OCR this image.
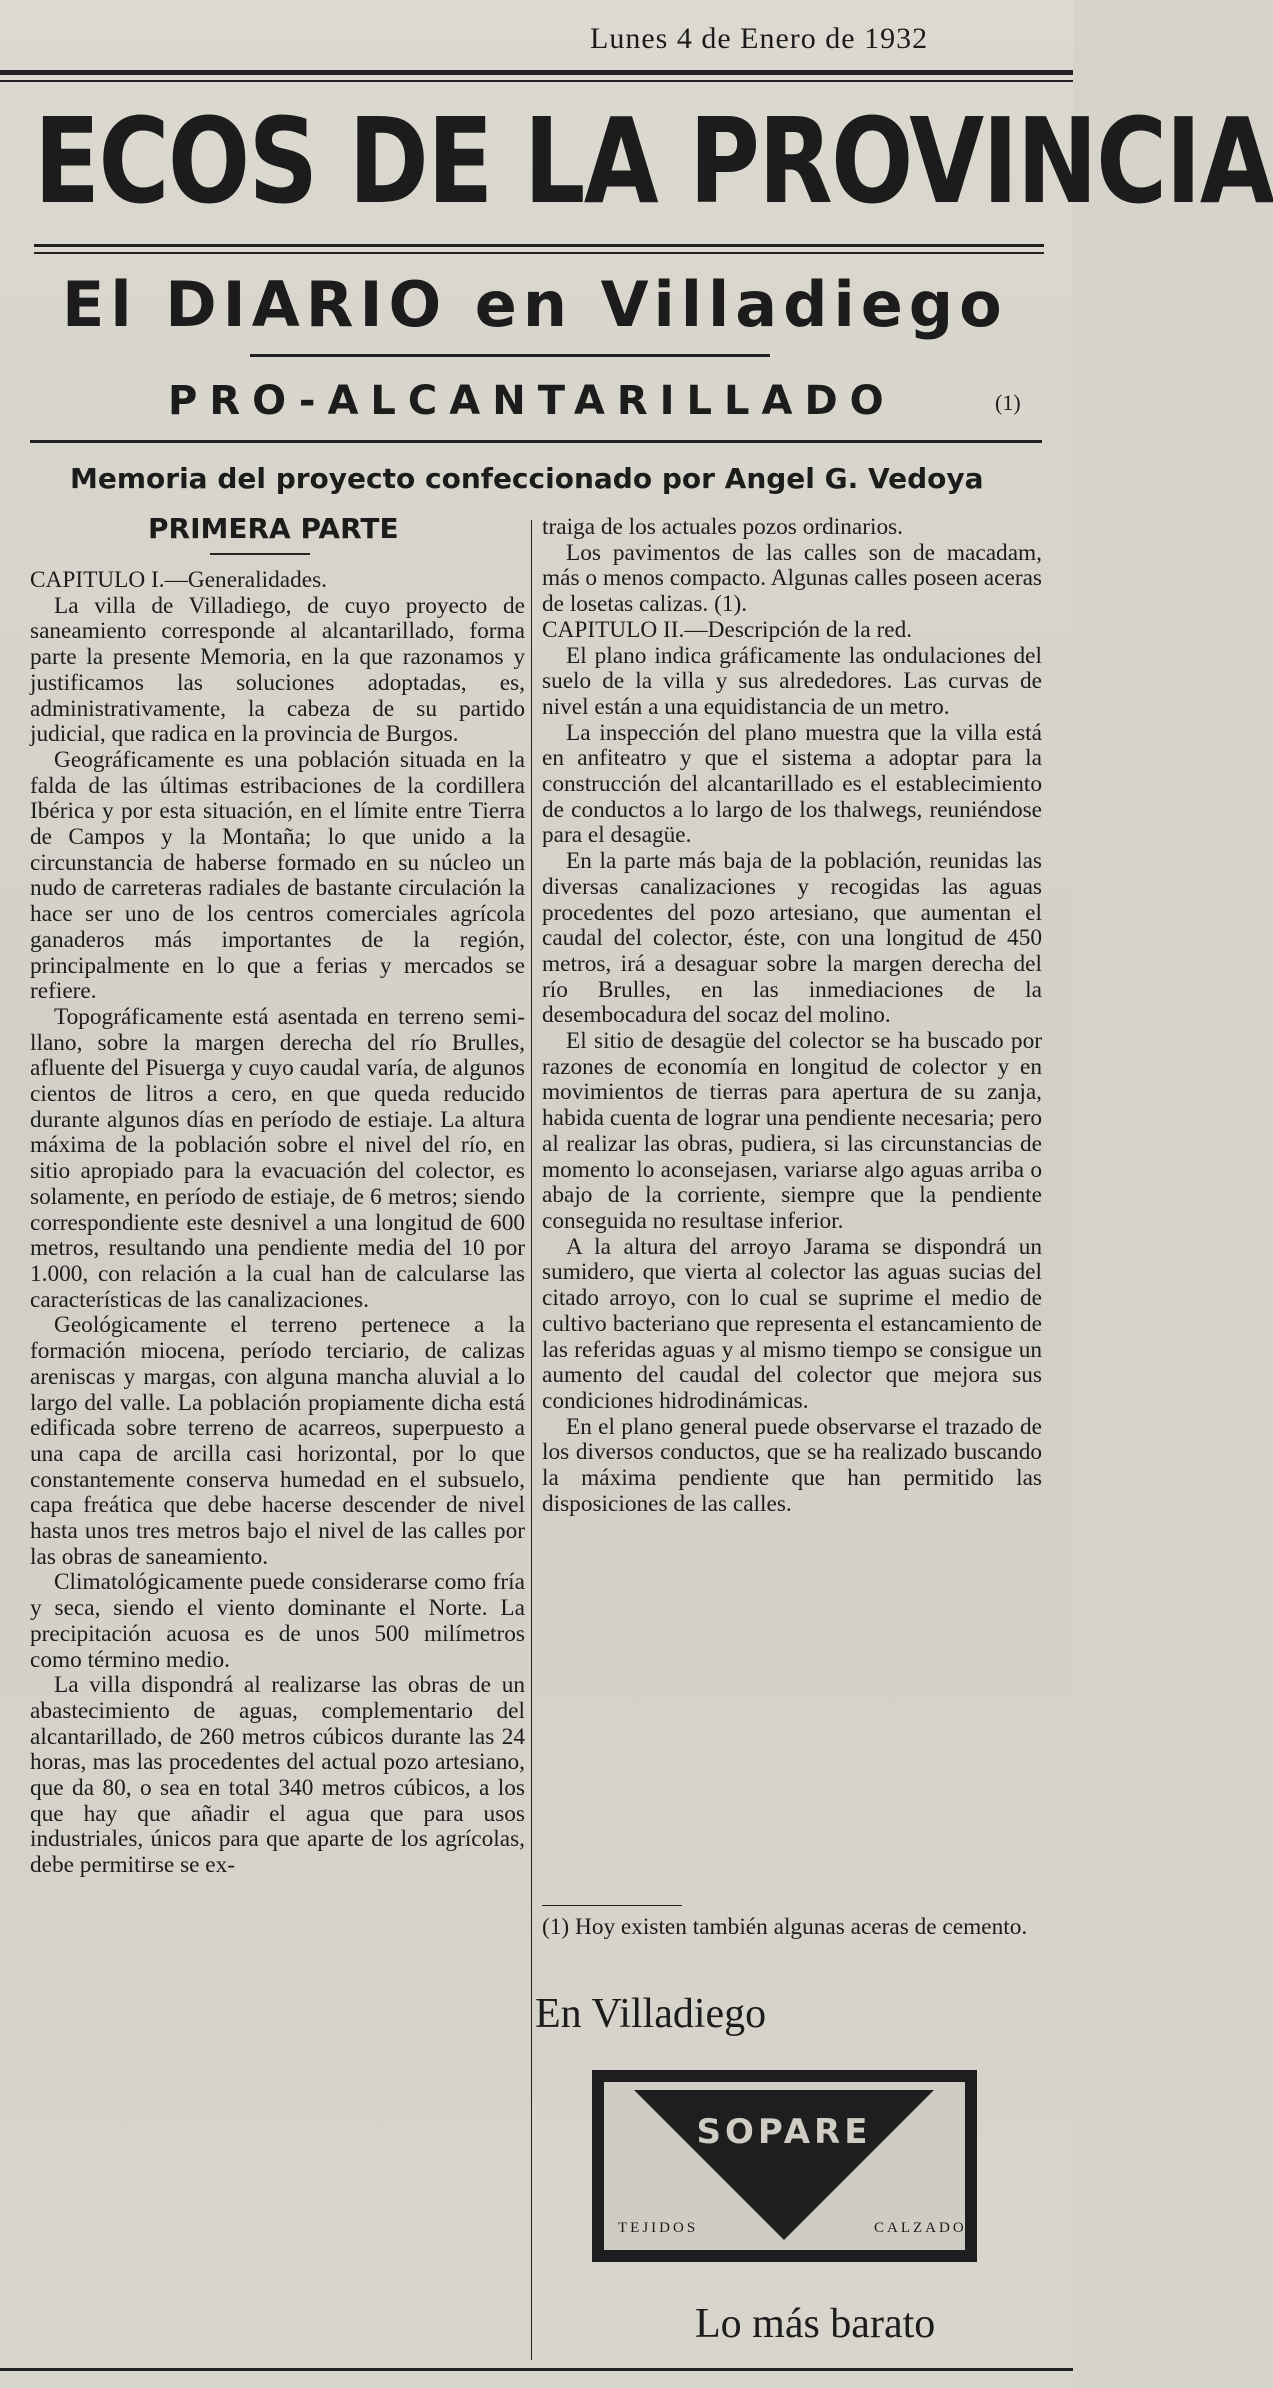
Lunes 4 de Enero de 1932
ECOS DE LA PROVINCIA
El DIARIO en Villadiego
PRO-ALCANTARILLADO	(1)
Memoria del proyecto confeccionado por Angel G. Vedoya
PRIMERA PARTE

CAPITULO I.—Generalidades.

La villa de Villadiego, de cuyo proyecto de saneamiento corresponde al alcantarillado, forma parte la presente Memoria, en la que razonamos y justificamos las soluciones adoptadas, es, administrativamente, la cabeza de su partido judicial, que radica en la provincia de Burgos.

Geográficamente es una población situada en la falda de las últimas estribaciones de la cordillera Ibérica y por esta situación, en el límite entre Tierra de Campos y la Montaña; lo que unido a la circunstancia de haberse formado en su núcleo un nudo de carreteras radiales de bastante circulación la hace ser uno de los centros comerciales agrícola ganaderos más importantes de la región, principalmente en lo que a ferias y mercados se refiere.

Topográficamente está asentada en terreno semi-llano, sobre la margen derecha del río Brulles, afluente del Pisuerga y cuyo caudal varía, de algunos cientos de litros a cero, en que queda reducido durante algunos días en período de estiaje. La altura máxima de la población sobre el nivel del río, en sitio apropiado para la evacuación del colector, es solamente, en período de estiaje, de 6 metros; siendo correspondiente este desnivel a una longitud de 600 metros, resultando una pendiente media del 10 por 1.000, con relación a la cual han de calcularse las características de las canalizaciones.

Geológicamente el terreno pertenece a la formación miocena, período terciario, de calizas areniscas y margas, con alguna mancha aluvial a lo largo del valle. La población propiamente dicha está edificada sobre terreno de acarreos, superpuesto a una capa de arcilla casi horizontal, por lo que constantemente conserva humedad en el subsuelo, capa freática que debe hacerse descender de nivel hasta unos tres metros bajo el nivel de las calles por las obras de saneamiento.

Climatológicamente puede considerarse como fría y seca, siendo el viento dominante el Norte. La precipitación acuosa es de unos 500 milímetros como término medio.

La villa dispondrá al realizarse las obras de un abastecimiento de aguas, complementario del alcantarillado, de 260 metros cúbicos durante las 24 horas, mas las procedentes del actual pozo artesiano, que da 80, o sea en total 340 metros cúbicos, a los que hay que añadir el agua que para usos industriales, únicos para que aparte de los agrícolas, debe permitirse se ex-

traiga de los actuales pozos ordinarios.

Los pavimentos de las calles son de macadam, más o menos compacto. Algunas calles poseen aceras de losetas calizas. (1).

CAPITULO II.—Descripción de la red.

El plano indica gráficamente las ondulaciones del suelo de la villa y sus alrededores. Las curvas de nivel están a una equidistancia de un metro.

La inspección del plano muestra que la villa está en anfiteatro y que el sistema a adoptar para la construcción del alcantarillado es el establecimiento de conductos a lo largo de los thalwegs, reuniéndose para el desagüe.

En la parte más baja de la población, reunidas las diversas canalizaciones y recogidas las aguas procedentes del pozo artesiano, que aumentan el caudal del colector, éste, con una longitud de 450 metros, irá a desaguar sobre la margen derecha del río Brulles, en las inmediaciones de la desembocadura del socaz del molino.

El sitio de desagüe del colector se ha buscado por razones de economía en longitud de colector y en movimientos de tierras para apertura de su zanja, habida cuenta de lograr una pendiente necesaria; pero al realizar las obras, pudiera, si las circunstancias de momento lo aconsejasen, variarse algo aguas arriba o abajo de la corriente, siempre que la pendiente conseguida no resultase inferior.

A la altura del arroyo Jarama se dispondrá un sumidero, que vierta al colector las aguas sucias del citado arroyo, con lo cual se suprime el medio de cultivo bacteriano que representa el estancamiento de las referidas aguas y al mismo tiempo se consigue un aumento del caudal del colector que mejora sus condiciones hidrodinámicas.

En el plano general puede observarse el trazado de los diversos conductos, que se ha realizado buscando la máxima pendiente que han permitido las disposiciones de las calles.

(1) Hoy existen también algunas aceras de cemento.
En Villadiego
SOPARE
TEJIDOS	CALZADO
Lo más barato
